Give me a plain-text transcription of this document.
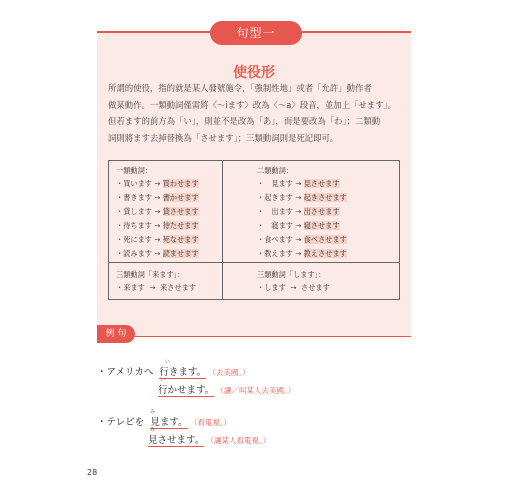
句型一
使役形
所謂的使役，指的就是某人發號施令，「強制性地」或者「允許」動作者
做某動作。一類動詞僅需將〈～iます〉改為〈～a〉段音，並加上「せます」。
但若ます的前方為「い」，則並不是改為「あ」，而是要改為「わ」；二類動
詞則將ます去掉替換為「させます」；三類動詞則是死記即可。
一類動詞：
・買います → 買わせます
・書きます → 書かせます
・貸します → 貸させます
・待ちます → 待たせます
・死にます → 死なせます
・読みます → 読ませます
二類動詞：
・　見ます → 見させます
・起きます → 起きさせます
・　出ます → 出させます
・　寝ます → 寝させます
・食べます → 食べさせます
・教えます → 教えさせます
三類動詞「来ます」：
・来ます → 来させます
三類動詞「します」：
・します → させます
例 句
い
・アメリカへ 行きます。 （去美國。）
い
行かせます。 （讓／叫某人去美國。）
み
・テレビを 見ます。 （看電視。）
み
見させます。 （讓某人看電視。）
28
